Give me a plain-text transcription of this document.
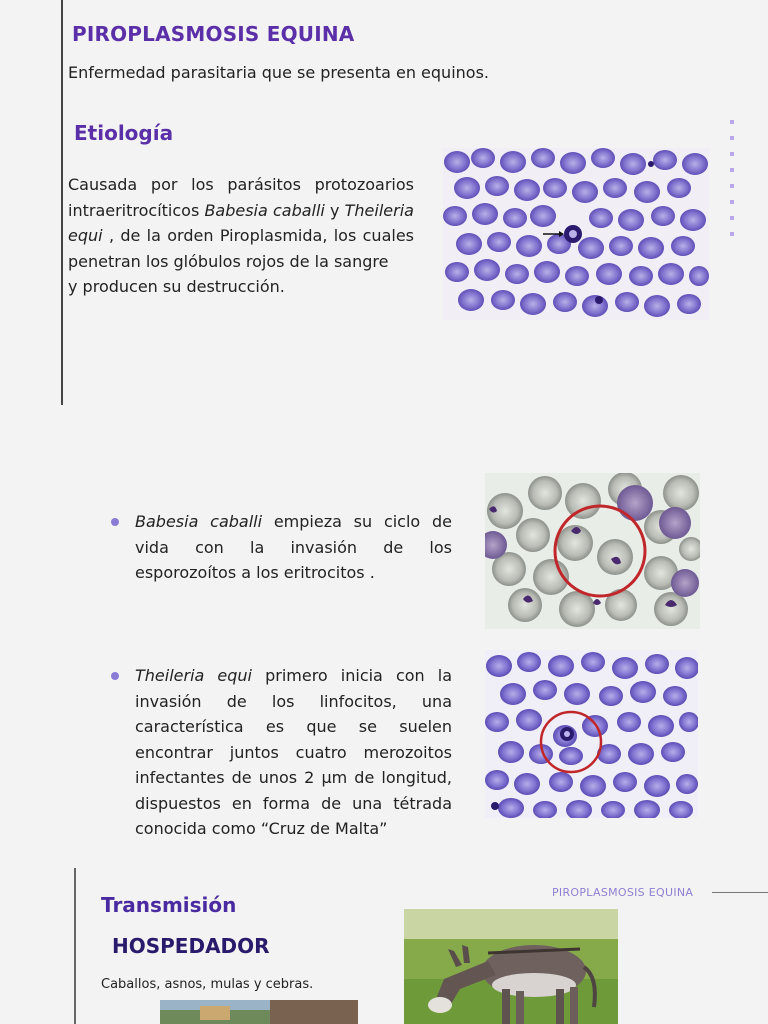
PIROPLASMOSIS EQUINA
Enfermedad parasitaria que se presenta en equinos.
Etiología
Causada por los parásitos protozoarios intraeritrocíticos Babesia caballi y Theileria equi , de la orden Piroplasmida, los cuales penetran los glóbulos rojos de la sangre
y producen su destrucción.
Babesia caballi empieza su ciclo de vida con la invasión de los esporozoítos a los eritrocitos .
Theileria equi primero inicia con la invasión de los linfocitos, una característica es que se suelen encontrar juntos cuatro merozoitos infectantes de unos 2 µm de longitud, dispuestos en forma de una tétrada conocida como “Cruz de Malta”
PIROPLASMOSIS EQUINA
Transmisión
HOSPEDADOR
Caballos, asnos, mulas y cebras.
